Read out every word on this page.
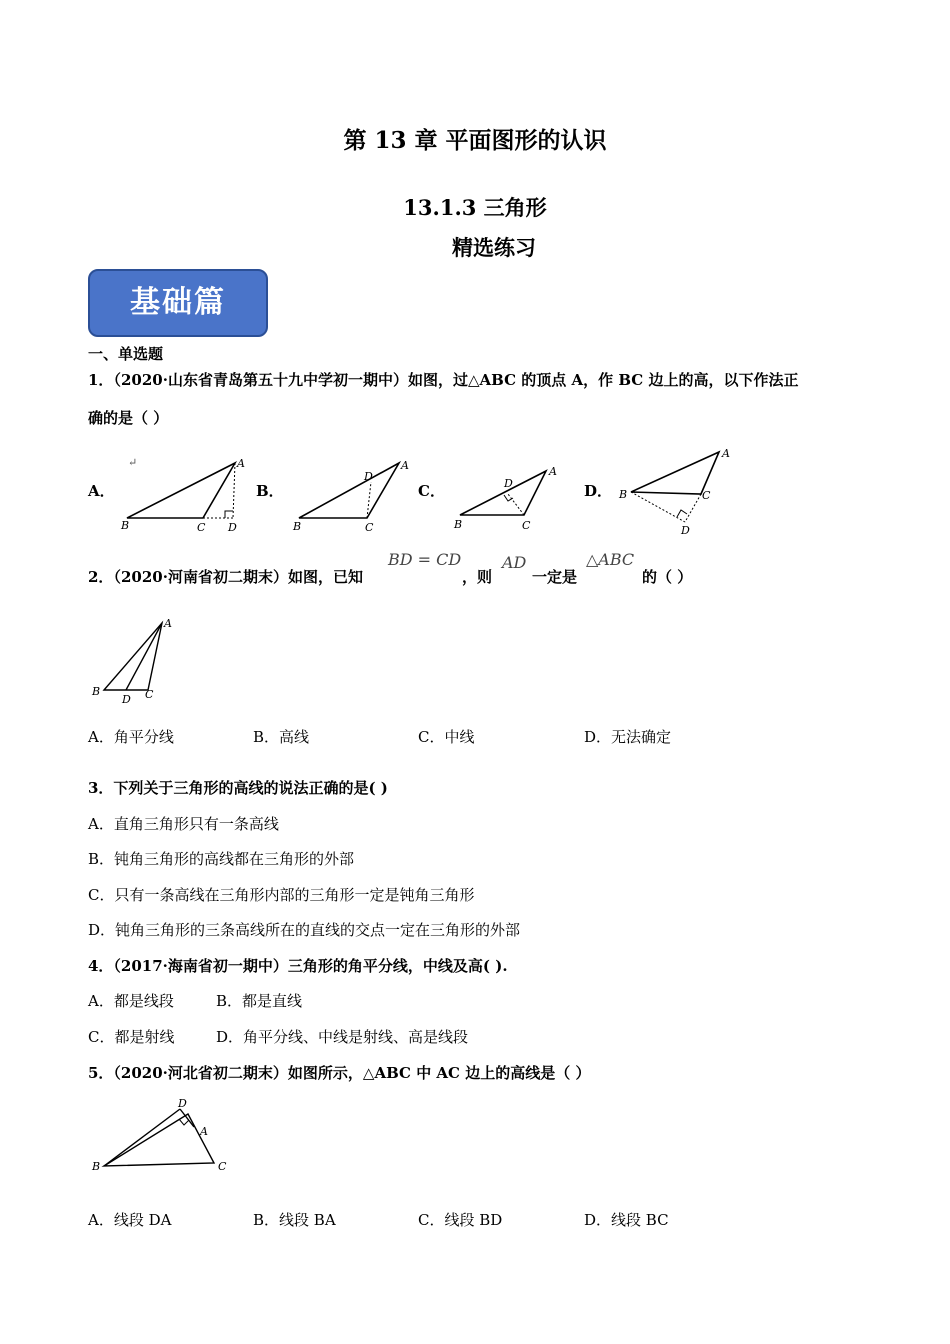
第 13 章 平面图形的认识
13.1.3 三角形
精选练习
基础篇
一、单选题
1．
（2020·山东省青岛第五十九中学初一期中）如图，过△ABC 的顶点 A，作 BC 边上的高，以下作法正
确的是（ ）
A．
↵	A
B	C D
B．
A
D
B	C
C．
A
D
B	C
D．
A
B	C
D
2．
（2020·河南省初二期末）如图，已知
BD = CD
，则
AD
一定是
△ABC
的（ ）
A
B
D C
A．角平分线	B．高线	C．中线	D．无法确定
3．下列关于三角形的高线的说法正确的是( )
A．直角三角形只有一条高线
B．钝角三角形的高线都在三角形的外部
C．只有一条高线在三角形内部的三角形一定是钝角三角形
D．钝角三角形的三条高线所在的直线的交点一定在三角形的外部
4．（2017·海南省初一期中）三角形的角平分线，中线及高( ).
A．都是线段	B．都是直线
C．都是射线	D．角平分线、中线是射线、高是线段
5．（2020·河北省初二期末）如图所示，△ABC 中 AC 边上的高线是（ ）
D
A
B	C
A．线段 DA	B．线段 BA	C．线段 BD	D．线段 BC
